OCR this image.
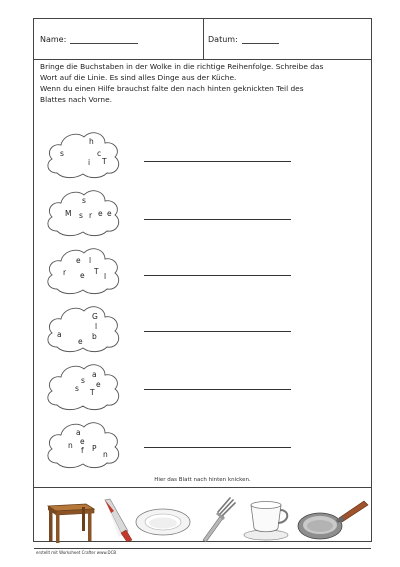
Name:	Datum:

Bringe die Buchstaben in der Wolke in die richtige Reihenfolge. Schreibe das

Wort auf die Linie. Es sind alles Dinge aus der Küche.

Wenn du einen Hilfe brauchst falte den nach hinten geknickten Teil des

Blattes nach Vorne.

h
s	c
i T
s
M s r e e
e l
r e T
l
G
l
a	b
e
a
s
s e
T
a
e
n
f P
n
Hier das Blatt nach hinten knicken.
erstellt mit Worksheet Crafter www.DCB
